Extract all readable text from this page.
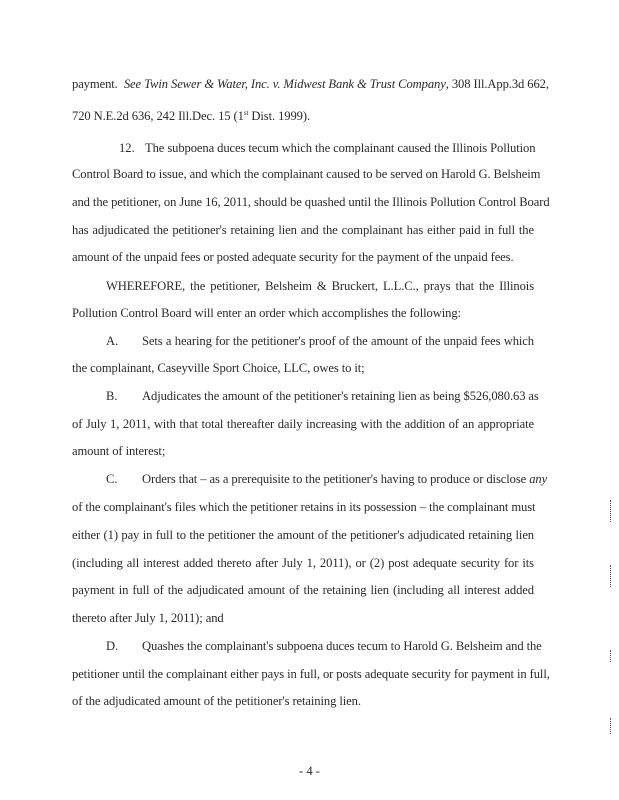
payment. See Twin Sewer & Water, Inc. v. Midwest Bank & Trust Company, 308 Ill.App.3d 662,
720 N.E.2d 636, 242 Ill.Dec. 15 (1st Dist. 1999).
12. The subpoena duces tecum which the complainant caused the Illinois Pollution
Control Board to issue, and which the complainant caused to be served on Harold G. Belsheim
and the petitioner, on June 16, 2011, should be quashed until the Illinois Pollution Control Board
has adjudicated the petitioner's retaining lien and the complainant has either paid in full the
amount of the unpaid fees or posted adequate security for the payment of the unpaid fees.
WHEREFORE, the petitioner, Belsheim & Bruckert, L.L.C., prays that the Illinois
Pollution Control Board will enter an order which accomplishes the following:
A. Sets a hearing for the petitioner's proof of the amount of the unpaid fees which
the complainant, Caseyville Sport Choice, LLC, owes to it;
B. Adjudicates the amount of the petitioner's retaining lien as being $526,080.63 as
of July 1, 2011, with that total thereafter daily increasing with the addition of an appropriate
amount of interest;
C. Orders that – as a prerequisite to the petitioner's having to produce or disclose any
of the complainant's files which the petitioner retains in its possession – the complainant must
either (1) pay in full to the petitioner the amount of the petitioner's adjudicated retaining lien
(including all interest added thereto after July 1, 2011), or (2) post adequate security for its
payment in full of the adjudicated amount of the retaining lien (including all interest added
thereto after July 1, 2011); and
D. Quashes the complainant's subpoena duces tecum to Harold G. Belsheim and the
petitioner until the complainant either pays in full, or posts adequate security for payment in full,
of the adjudicated amount of the petitioner's retaining lien.
- 4 -
